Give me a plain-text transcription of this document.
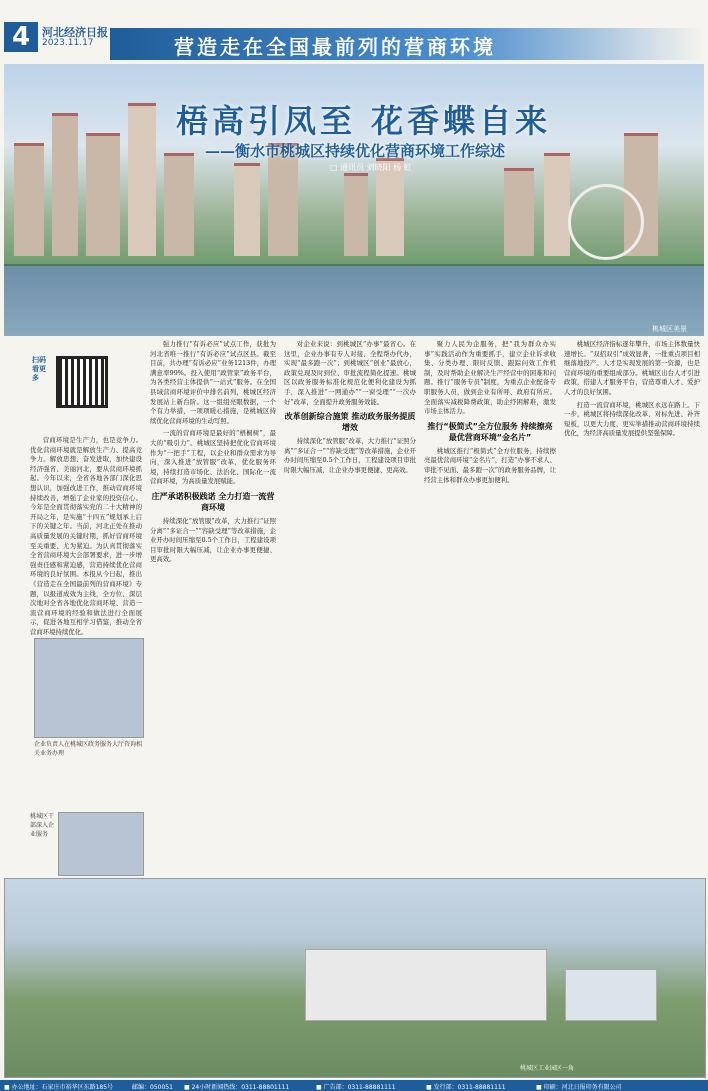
4	河北经济日报
2023.11.17	营造走在全国最前列的营商环境
梧高引凤至 花香蝶自来
——衡水市桃城区持续优化营商环境工作综述
□ 通讯员 刘晓阳 杨 虹
桃城区美景
扫码看更多

营商环境是生产力，也是竞争力。优化营商环境就是解放生产力、提高竞争力。解放思想、奋发进取，加快建设经济强省、美丽河北，要从营商环境抓起。今年以来，全省各地各部门深化思想认识，加强改进工作，推动营商环境持续改善，增强了企业家的投资信心。今年是全面贯彻落实党的二十大精神的开局之年，是实施“十四五”规划承上启下的关键之年。当前，河北正处在推动高质量发展的关键时期，抓好营商环境至关重要、尤为紧迫。为认真贯彻落实全省营商环境大会部署要求，进一步增强责任感和紧迫感，营造持续优化营商环境的良好氛围。本报从今日起，推出《营造走在全国最前列的营商环境》专题，以报道成效为主线，全方位、深层次地对全省各地优化营商环境、营造一流营商环境的经验和做法进行全面展示，促进各地互相学习借鉴，推动全省营商环境持续优化。

企业负责人在桃城区政务服务大厅咨询相关业务办理
桃城区干部深入企业服务

强力推行“有诉必应”试点工作，获批为河北省唯一推行“有诉必应”试点区县。截至目前，共办理“有诉必应”业务1213件，办理满意率99%。投入使用“政管家”政务平台，为各类经营主体提供“一站式”服务。在全国县域营商环境评价中排名前列，桃城区经济发展站上新台阶。这一组组亮眼数据，一个个有力举措，一项项暖心措施，是桃城区持续优化营商环境的生动写照。

一流的营商环境是最好的“梧桐树”，最大的“吸引力”。桃城区坚持把优化营商环境作为“一把手”工程，以企业和群众需求为导向，深入推进“放管服”改革，优化服务环境，持续打造市场化、法治化、国际化一流营商环境，为高质量发展赋能。

庄严承诺积极践诺 全力打造一流营商环境

持续深化“放管服”改革，大力推行“证照分离”“多证合一”“容缺受理”等改革措施，企业开办时间压缩至0.5个工作日，工程建设项目审批时限大幅压减，让企业办事更便捷、更高效。

对企业来说：到桃城区“办事”最省心。在这里，企业办事有专人对接、全程帮办代办，实现“最多跑一次”；到桃城区“创业”最放心，政策兑现及时到位、审批流程简化提速。桃城区以政务服务标准化规范化便利化建设为抓手，深入推进“一网通办”“一窗受理”“一次办好”改革，全面提升政务服务效能。

改革创新综合施策 推动政务服务提质增效

持续深化“放管服”改革，大力推行“证照分离”“多证合一”“容缺受理”等改革措施，企业开办时间压缩至0.5个工作日，工程建设项目审批时限大幅压减，让企业办事更便捷、更高效。

聚力人民为企服务，把“我为群众办实事”实践活动作为重要抓手，建立企业诉求收集、分类办理、限时反馈、跟踪问效工作机制，及时帮助企业解决生产经营中的困难和问题。推行“服务专员”制度，为重点企业配备专职服务人员，做到企业有所呼、政府有所应。全面落实减税降费政策，助企纾困解难，激发市场主体活力。

推行“极简式”全方位服务 持续擦亮最优营商环境“金名片”

桃城区推行“极简式”全方位服务，持续擦亮最优营商环境“金名片”，打造“办事不求人、审批不见面、最多跑一次”的政务服务品牌，让经营主体和群众办事更加便利。

桃城区经济指标逐年攀升，市场主体数量快速增长。“双招双引”成效显著，一批重点项目相继落地投产。人才是实现发展的第一资源，也是营商环境的重要组成部分。桃城区出台人才引进政策，搭建人才服务平台，营造尊重人才、爱护人才的良好氛围。

打造一流营商环境，桃城区永远在路上。下一步，桃城区将持续深化改革，对标先进、补齐短板，以更大力度、更实举措推动营商环境持续优化，为经济高质量发展提供坚强保障。

桃城区工业园区一角
■ 办公地址：石家庄市裕华区东路185号	邮编：050051 ■ 24小时新闻热线：0311-88801111	■ 广告部：0311-88881111	■ 发行部：0311-88881111	■ 印刷：河北日报印务有限公司
